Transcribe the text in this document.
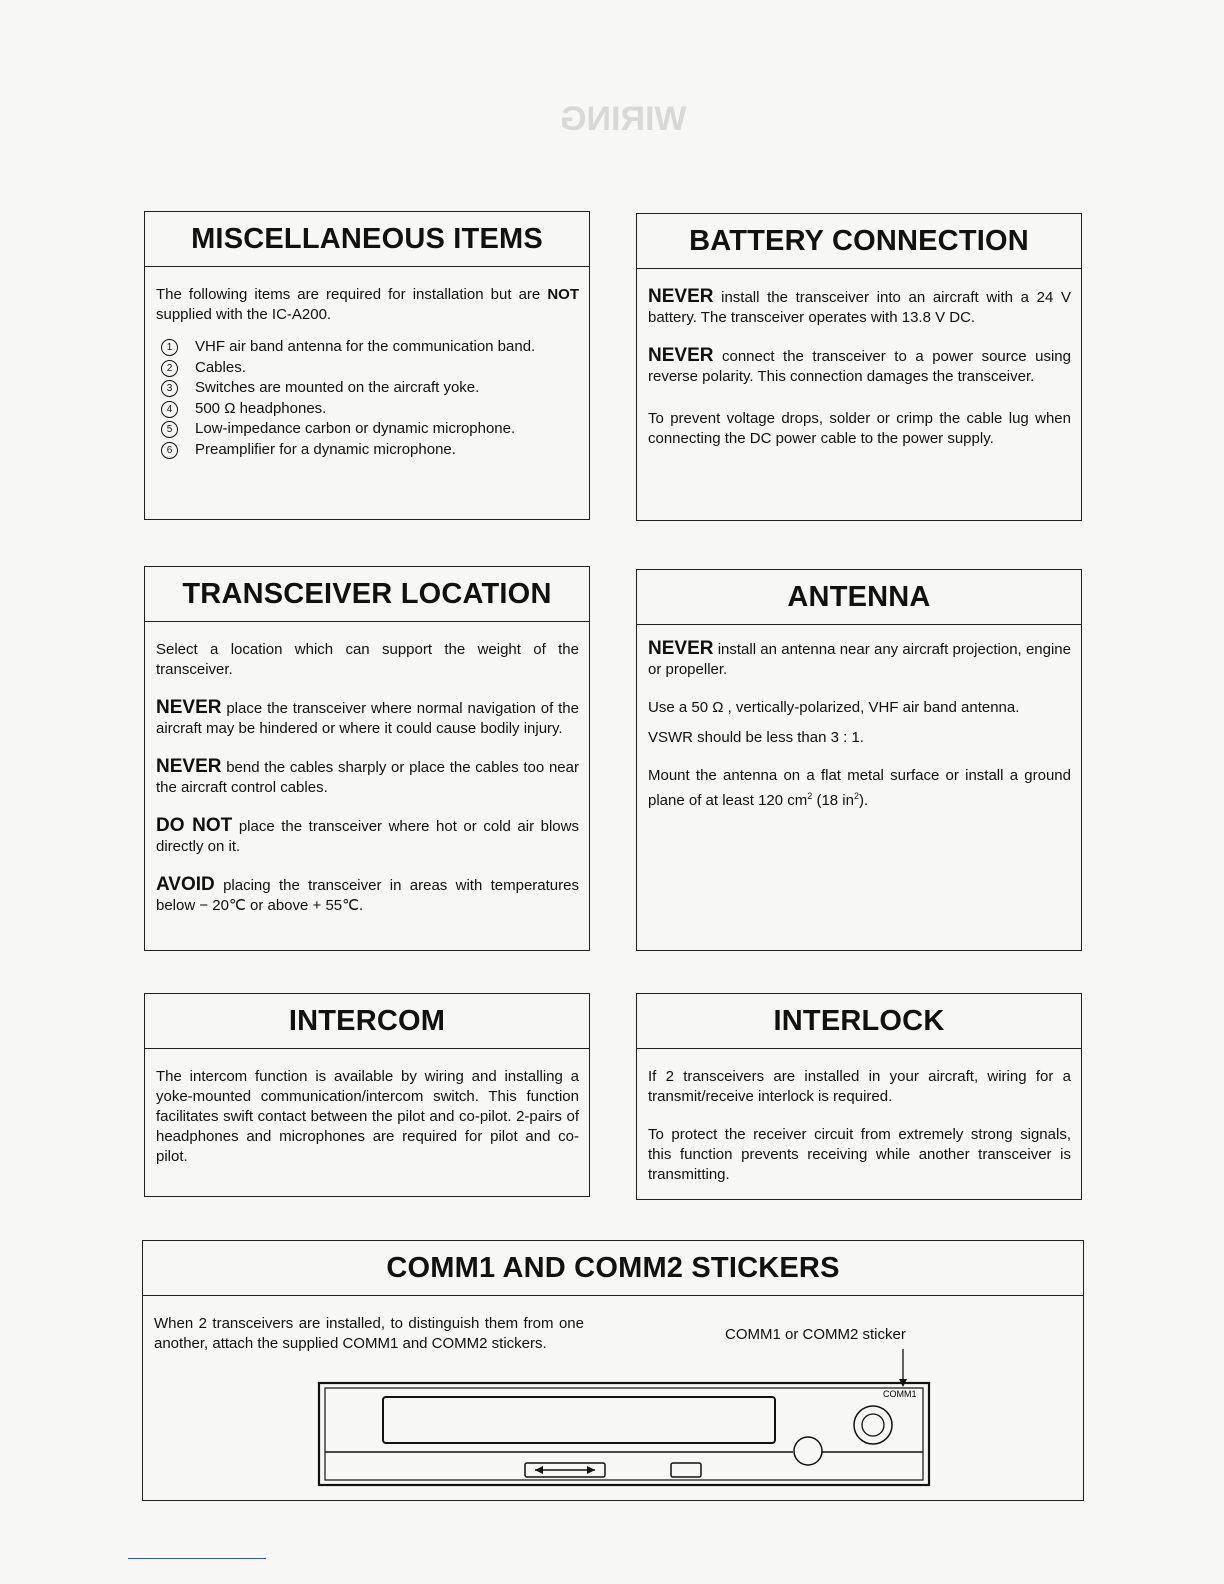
WIRING
MISCELLANEOUS ITEMS

The following items are required for installation but are NOT supplied with the IC-A200.

1	VHF air band antenna for the communication band.
2	Cables.
3	Switches are mounted on the aircraft yoke.
4	500 Ω headphones.
5	Low-impedance carbon or dynamic microphone.
6	Preamplifier for a dynamic microphone.
BATTERY CONNECTION

NEVER install the transceiver into an aircraft with a 24 V battery. The transceiver operates with 13.8 V DC.

NEVER connect the transceiver to a power source using reverse polarity. This connection damages the transceiver.

To prevent voltage drops, solder or crimp the cable lug when connecting the DC power cable to the power supply.

TRANSCEIVER LOCATION

Select a location which can support the weight of the transceiver.

NEVER place the transceiver where normal navigation of the aircraft may be hindered or where it could cause bodily injury.

NEVER bend the cables sharply or place the cables too near the aircraft control cables.

DO NOT place the transceiver where hot or cold air blows directly on it.

AVOID placing the transceiver in areas with temperatures below − 20℃ or above + 55℃.

ANTENNA

NEVER install an antenna near any aircraft projection, engine or propeller.

Use a 50 Ω , vertically-polarized, VHF air band antenna.

VSWR should be less than 3 : 1.

Mount the antenna on a flat metal surface or install a ground plane of at least 120 $cm^2$ (18 $in^2$).

INTERCOM

The intercom function is available by wiring and installing a yoke-mounted communication/intercom switch. This function facilitates swift contact between the pilot and co-pilot. 2-pairs of headphones and microphones are required for pilot and co-pilot.

INTERLOCK

If 2 transceivers are installed in your aircraft, wiring for a transmit/receive interlock is required.

To protect the receiver circuit from extremely strong signals, this function prevents receiving while another transceiver is transmitting.

COMM1 AND COMM2 STICKERS

When 2 transceivers are installed, to distinguish them from one another, attach the supplied COMM1 and COMM2 stickers.

COMM1 or COMM2 sticker
COMM1
